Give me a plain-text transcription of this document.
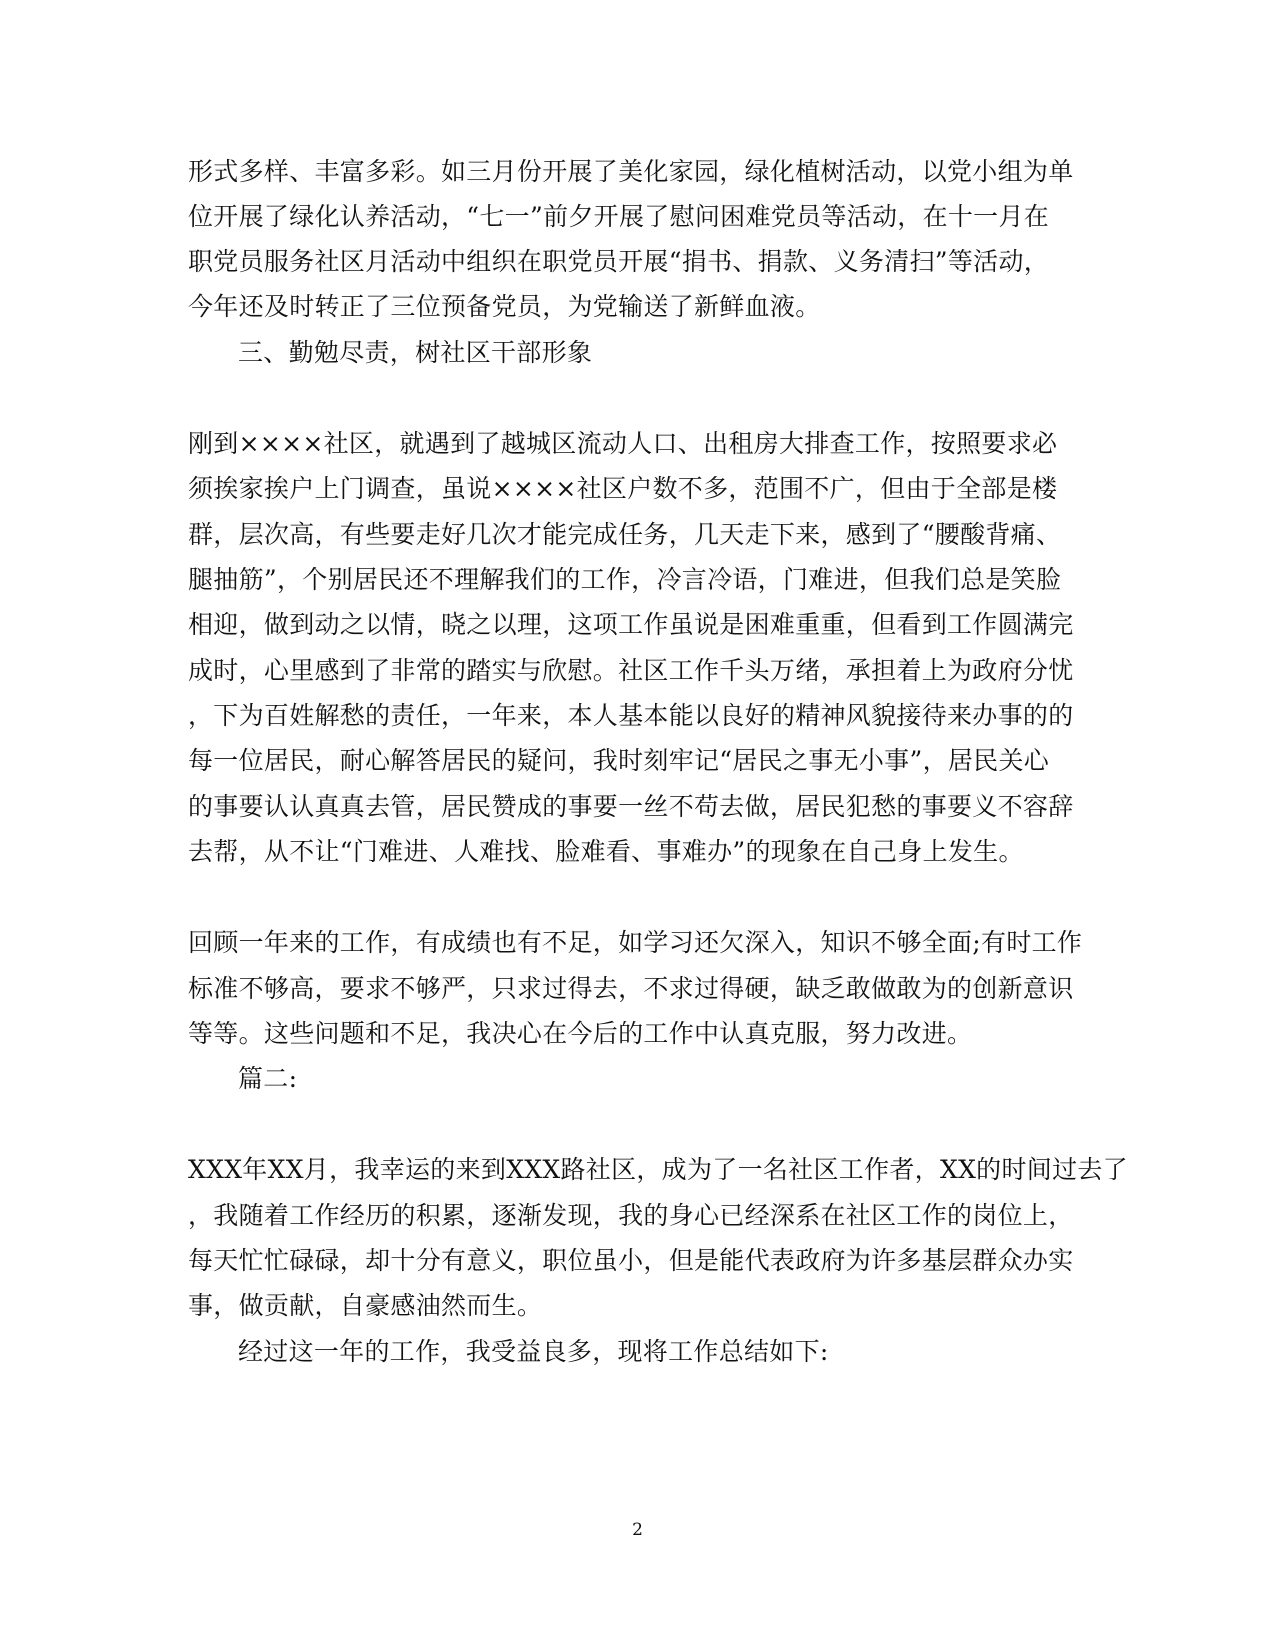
形式多样、丰富多彩。如三月份开展了美化家园，绿化植树活动，以党小组为单
位开展了绿化认养活动，“七一”前夕开展了慰问困难党员等活动，在十一月在
职党员服务社区月活动中组织在职党员开展“捐书、捐款、义务清扫”等活动，
今年还及时转正了三位预备党员，为党输送了新鲜血液。
三、勤勉尽责，树社区干部形象
刚到××××社区，就遇到了越城区流动人口、出租房大排查工作，按照要求必
须挨家挨户上门调查，虽说××××社区户数不多，范围不广，但由于全部是楼
群，层次高，有些要走好几次才能完成任务，几天走下来，感到了“腰酸背痛、
腿抽筋”，个别居民还不理解我们的工作，冷言冷语，门难进，但我们总是笑脸
相迎，做到动之以情，晓之以理，这项工作虽说是困难重重，但看到工作圆满完
成时，心里感到了非常的踏实与欣慰。社区工作千头万绪，承担着上为政府分忧
，下为百姓解愁的责任，一年来，本人基本能以良好的精神风貌接待来办事的的
每一位居民，耐心解答居民的疑问，我时刻牢记“居民之事无小事”，居民关心
的事要认认真真去管，居民赞成的事要一丝不苟去做，居民犯愁的事要义不容辞
去帮，从不让“门难进、人难找、脸难看、事难办”的现象在自己身上发生。
回顾一年来的工作，有成绩也有不足，如学习还欠深入，知识不够全面;有时工作
标准不够高，要求不够严，只求过得去，不求过得硬，缺乏敢做敢为的创新意识
等等。这些问题和不足，我决心在今后的工作中认真克服，努力改进。
篇二:
XXX年XX月，我幸运的来到XXX路社区，成为了一名社区工作者，XX的时间过去了
，我随着工作经历的积累，逐渐发现，我的身心已经深系在社区工作的岗位上，
每天忙忙碌碌，却十分有意义，职位虽小，但是能代表政府为许多基层群众办实
事，做贡献，自豪感油然而生。
经过这一年的工作，我受益良多，现将工作总结如下:
2
